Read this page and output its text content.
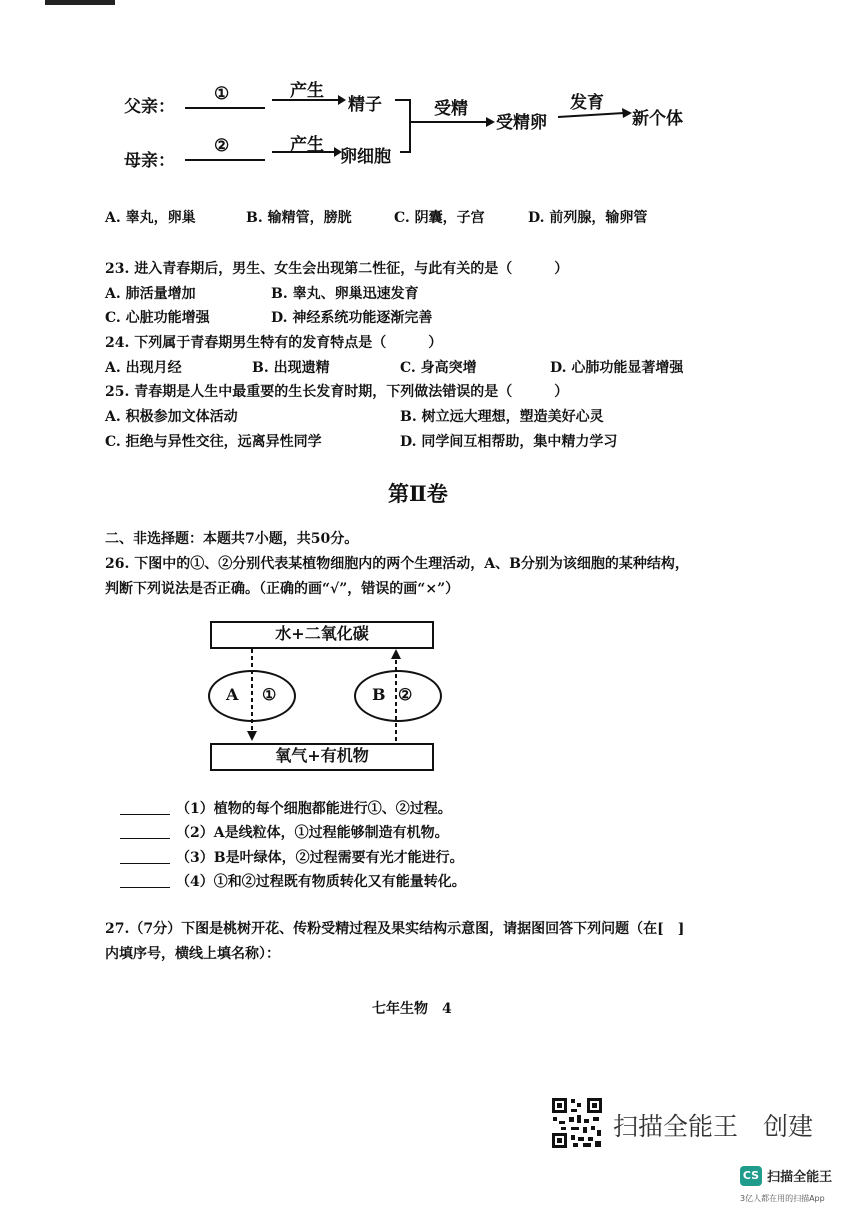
父亲：
①
母亲：
②
产生
产生
精子
卵细胞
受精
受精卵
发育
新个体
A. 睾丸，卵巢	B. 输精管，膀胱	C. 阴囊，子宫	D. 前列腺，输卵管
23. 进入青春期后，男生、女生会出现第二性征，与此有关的是（　　　）
A. 肺活量增加	B. 睾丸、卵巢迅速发育
C. 心脏功能增强	D. 神经系统功能逐渐完善
24. 下列属于青春期男生特有的发育特点是（　　　）
A. 出现月经	B. 出现遗精	C. 身高突增	D. 心肺功能显著增强
25. 青春期是人生中最重要的生长发育时期，下列做法错误的是（　　　）
A. 积极参加文体活动	B. 树立远大理想，塑造美好心灵
C. 拒绝与异性交往，远离异性同学	D. 同学间互相帮助，集中精力学习
第Ⅱ卷
二、非选择题：本题共7小题，共50分。
26. 下图中的①、②分别代表某植物细胞内的两个生理活动，A、B分别为该细胞的某种结构，
判断下列说法是否正确。（正确的画“√”，错误的画“×”）
水+二氧化碳
氧气+有机物
A ①	B ②
（1）植物的每个细胞都能进行①、②过程。
（2）A是线粒体，①过程能够制造有机物。
（3）B是叶绿体，②过程需要有光才能进行。
（4）①和②过程既有物质转化又有能量转化。
27.（7分）下图是桃树开花、传粉受精过程及果实结构示意图，请据图回答下列问题（在[　]
内填序号，横线上填名称）：
七年生物　4
扫描全能王　创建
CS 扫描全能王
3亿人都在用的扫描App
